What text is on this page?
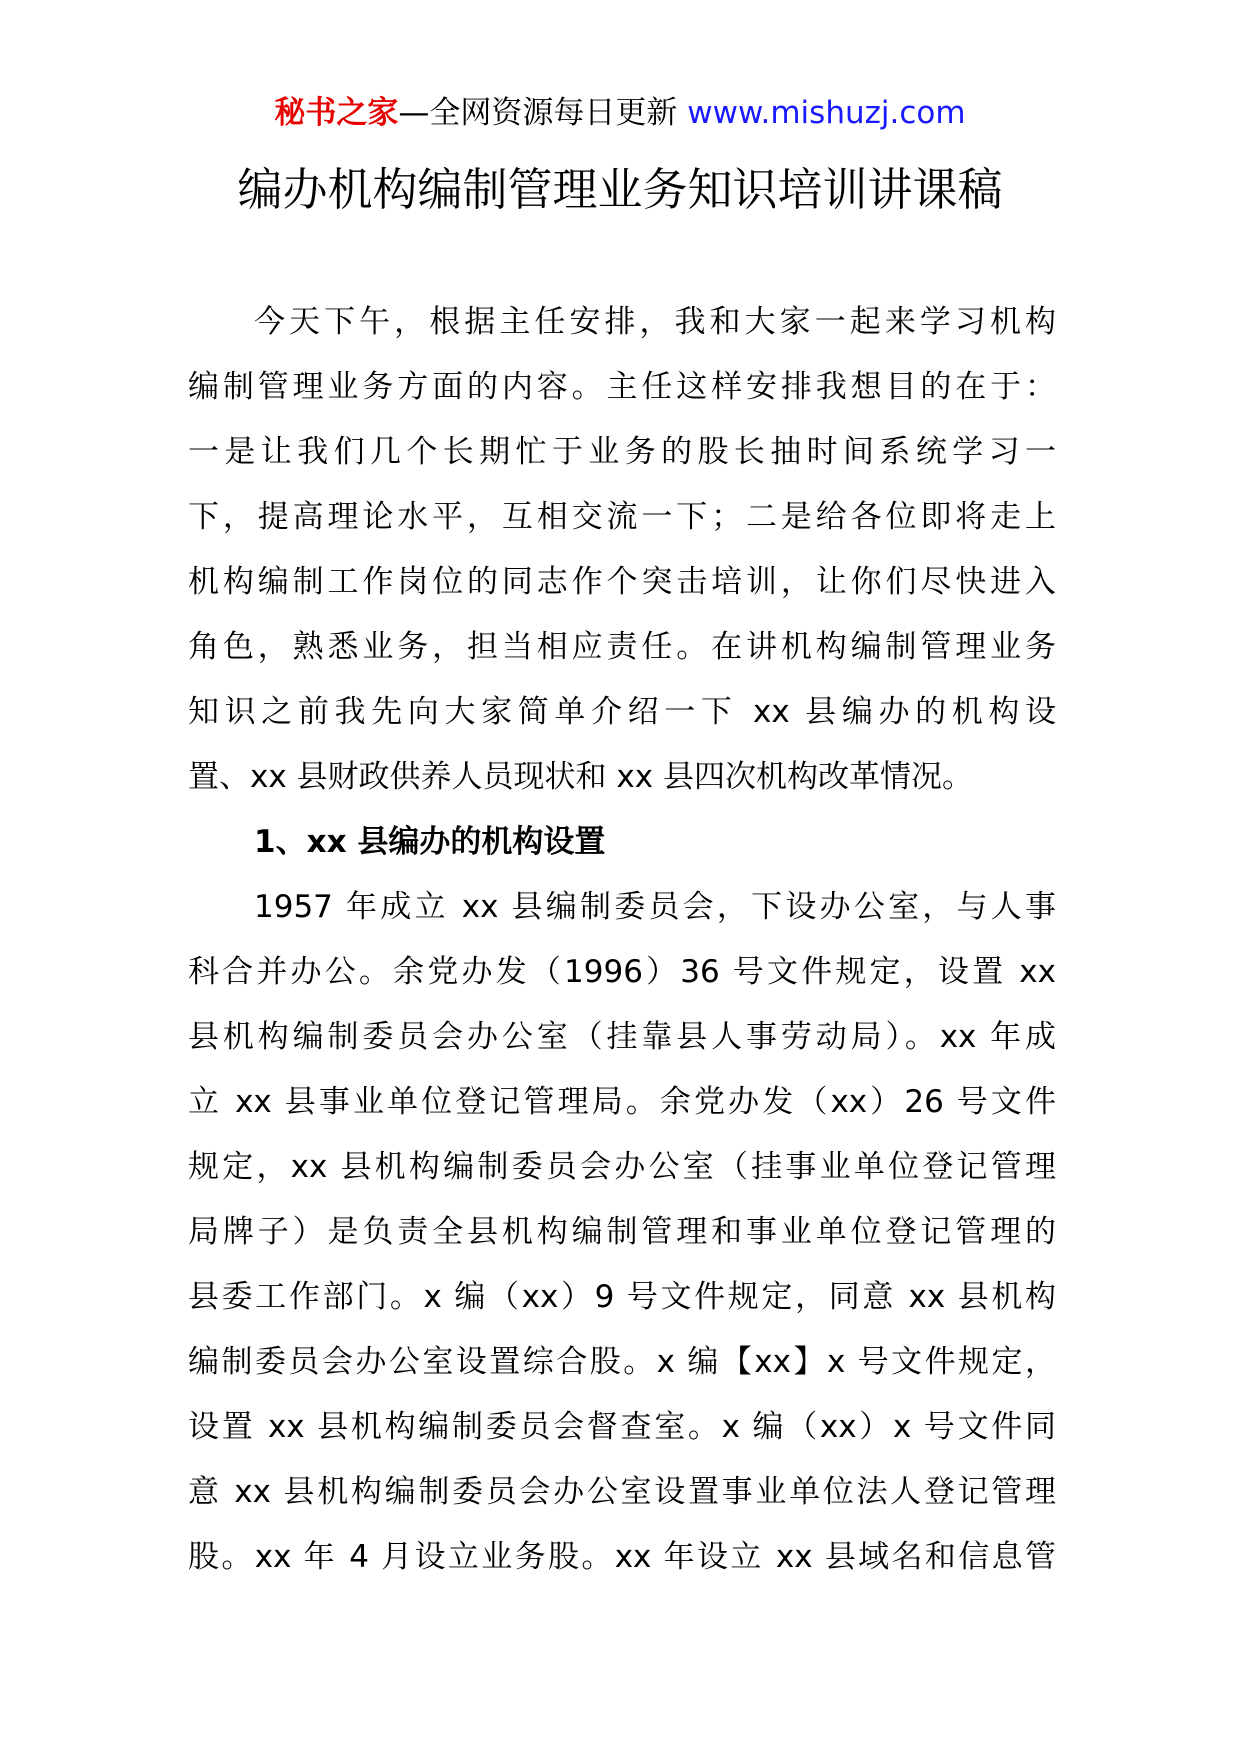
秘书之家—全网资源每日更新 www.mishuzj.com
编办机构编制管理业务知识培训讲课稿
今天下午，根据主任安排，我和大家一起来学习机构
编制管理业务方面的内容。主任这样安排我想目的在于：
一是让我们几个长期忙于业务的股长抽时间系统学习一
下，提高理论水平，互相交流一下；二是给各位即将走上
机构编制工作岗位的同志作个突击培训，让你们尽快进入
角色，熟悉业务，担当相应责任。在讲机构编制管理业务
知识之前我先向大家简单介绍一下 xx 县编办的机构设
置、xx 县财政供养人员现状和 xx 县四次机构改革情况。
1、xx 县编办的机构设置
1957 年成立 xx 县编制委员会，下设办公室，与人事
科合并办公。余党办发（1996）36 号文件规定，设置 xx
县机构编制委员会办公室（挂靠县人事劳动局）。xx 年成
立 xx 县事业单位登记管理局。余党办发（xx）26 号文件
规定，xx 县机构编制委员会办公室（挂事业单位登记管理
局牌子）是负责全县机构编制管理和事业单位登记管理的
县委工作部门。x 编（xx）9 号文件规定，同意 xx 县机构
编制委员会办公室设置综合股。x 编【xx】x 号文件规定，
设置 xx 县机构编制委员会督查室。x 编（xx）x 号文件同
意 xx 县机构编制委员会办公室设置事业单位法人登记管理
股。xx 年 4 月设立业务股。xx 年设立 xx 县域名和信息管
